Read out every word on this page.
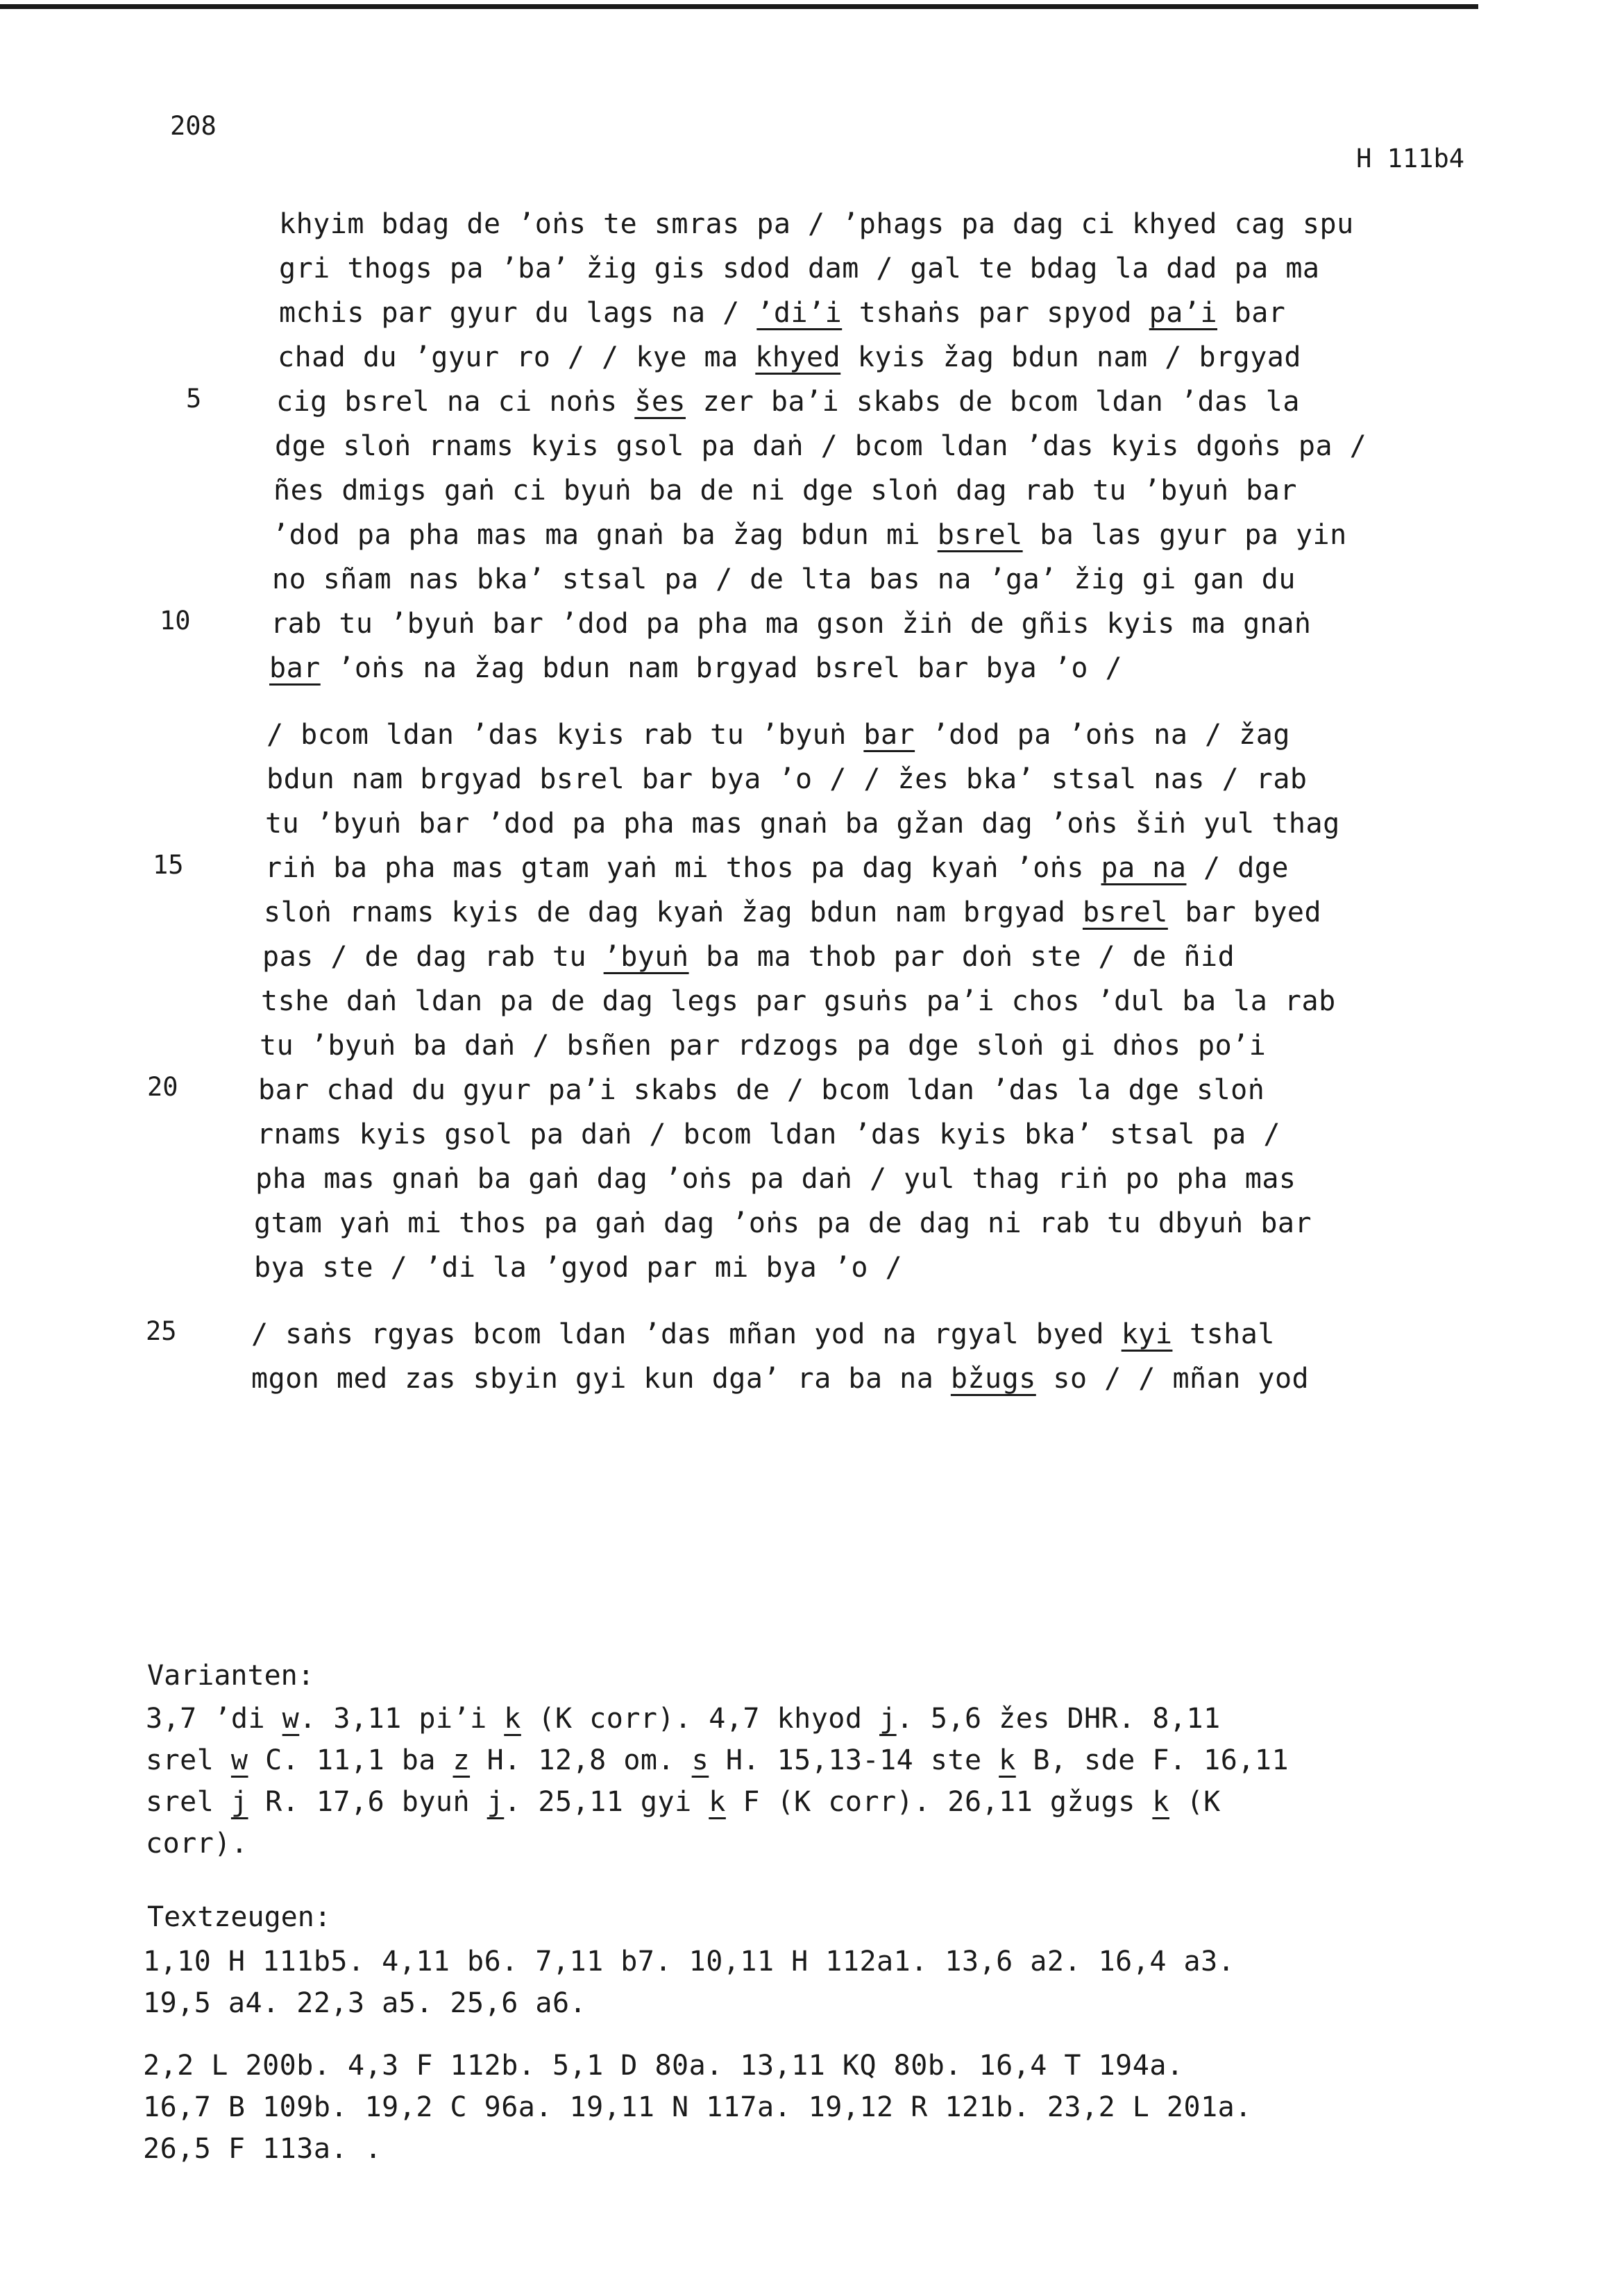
208
H 111b4
5
10
15
20
25
khyim bdag de ’oṅs te smras pa / ’phags pa dag ci khyed cag spu
gri thogs pa ’ba’ žig gis sdod dam / gal te bdag la dad pa ma
mchis par gyur du lags na / ’di’i tshaṅs par spyod pa’i bar
chad du ’gyur ro / / kye ma khyed kyis žag bdun nam / brgyad
cig bsrel na ci noṅs šes zer ba’i skabs de bcom ldan ’das la
dge sloṅ rnams kyis gsol pa daṅ / bcom ldan ’das kyis dgoṅs pa /
ñes dmigs gaṅ ci byuṅ ba de ni dge sloṅ dag rab tu ’byuṅ bar
’dod pa pha mas ma gnaṅ ba žag bdun mi bsrel ba las gyur pa yin
no sñam nas bka’ stsal pa / de lta bas na ’ga’ žig gi gan du
rab tu ’byuṅ bar ’dod pa pha ma gson žiṅ de gñis kyis ma gnaṅ
bar ’oṅs na žag bdun nam brgyad bsrel bar bya ’o /
/ bcom ldan ’das kyis rab tu ’byuṅ bar ’dod pa ’oṅs na / žag
bdun nam brgyad bsrel bar bya ’o / / žes bka’ stsal nas / rab
tu ’byuṅ bar ’dod pa pha mas gnaṅ ba gžan dag ’oṅs šiṅ yul thag
riṅ ba pha mas gtam yaṅ mi thos pa dag kyaṅ ’oṅs pa na / dge
sloṅ rnams kyis de dag kyaṅ žag bdun nam brgyad bsrel bar byed
pas / de dag rab tu ’byuṅ ba ma thob par doṅ ste / de ñid
tshe daṅ ldan pa de dag legs par gsuṅs pa’i chos ’dul ba la rab
tu ’byuṅ ba daṅ / bsñen par rdzogs pa dge sloṅ gi dṅos po’i
bar chad du gyur pa’i skabs de / bcom ldan ’das la dge sloṅ
rnams kyis gsol pa daṅ / bcom ldan ’das kyis bka’ stsal pa /
pha mas gnaṅ ba gaṅ dag ’oṅs pa daṅ / yul thag riṅ po pha mas
gtam yaṅ mi thos pa gaṅ dag ’oṅs pa de dag ni rab tu dbyuṅ bar
bya ste / ’di la ’gyod par mi bya ’o /
/ saṅs rgyas bcom ldan ’das mñan yod na rgyal byed kyi tshal
mgon med zas sbyin gyi kun dga’ ra ba na bžugs so / / mñan yod
Varianten:
3,7 ’di w. 3,11 pi’i k (K corr). 4,7 khyod j. 5,6 žes DHR. 8,11
srel w C. 11,1 ba z H. 12,8 om. s H. 15,13-14 ste k B, sde F. 16,11
srel j R. 17,6 byuṅ j. 25,11 gyi k F (K corr). 26,11 gžugs k (K
corr).
Textzeugen:
1,10 H 111b5. 4,11 b6. 7,11 b7. 10,11 H 112a1. 13,6 a2. 16,4 a3.
19,5 a4. 22,3 a5. 25,6 a6.
2,2 L 200b. 4,3 F 112b. 5,1 D 80a. 13,11 KQ 80b. 16,4 T 194a.
16,7 B 109b. 19,2 C 96a. 19,11 N 117a. 19,12 R 121b. 23,2 L 201a.
26,5 F 113a. .
